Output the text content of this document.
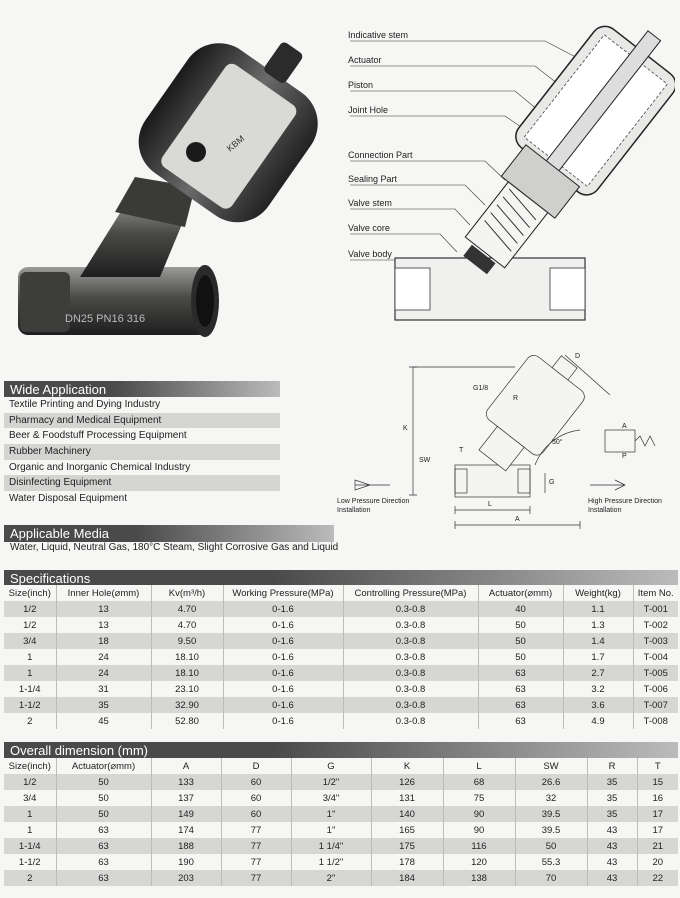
KBM
DN25 PN16 316
Indicative stem
Actuator
Piston
Joint Hole
Connection Part
Sealing Part
Valve stem
Valve core
Valve body
D
R
G1/8
K
T
SW
G
L
A
50°
Low Pressure Direction
Installation
High Pressure Direction
Installation
A
P
Wide Application
Textile Printing and Dying Industry
Pharmacy and Medical Equipment
Beer & Foodstuff Processing Equipment
Rubber Machinery
Organic and Inorganic Chemical Industry
Disinfecting Equipment
Water Disposal Equipment
Applicable Media
Water, Liquid, Neutral Gas, 180°C Steam, Slight Corrosive Gas and Liquid
Specifications
Size(inch)	Inner Hole(⌀mm)	Kv(m³/h)	Working Pressure(MPa)	Controlling Pressure(MPa)	Actuator(⌀mm)	Weight(kg)	Item No.
1/2	13	4.70	0-1.6	0.3-0.8	40	1.1	T-001
1/2	13	4.70	0-1.6	0.3-0.8	50	1.3	T-002
3/4	18	9.50	0-1.6	0.3-0.8	50	1.4	T-003
1	24	18.10	0-1.6	0.3-0.8	50	1.7	T-004
1	24	18.10	0-1.6	0.3-0.8	63	2.7	T-005
1-1/4	31	23.10	0-1.6	0.3-0.8	63	3.2	T-006
1-1/2	35	32.90	0-1.6	0.3-0.8	63	3.6	T-007
2	45	52.80	0-1.6	0.3-0.8	63	4.9	T-008
Overall dimension (mm)
Size(inch)	Actuator(⌀mm)	A	D	G	K	L	SW	R	T
1/2	50	133	60	1/2"	126	68	26.6	35	15
3/4	50	137	60	3/4"	131	75	32	35	16
1	50	149	60	1"	140	90	39.5	35	17
1	63	174	77	1"	165	90	39.5	43	17
1-1/4	63	188	77	1 1/4"	175	116	50	43	21
1-1/2	63	190	77	1 1/2"	178	120	55.3	43	20
2	63	203	77	2"	184	138	70	43	22
